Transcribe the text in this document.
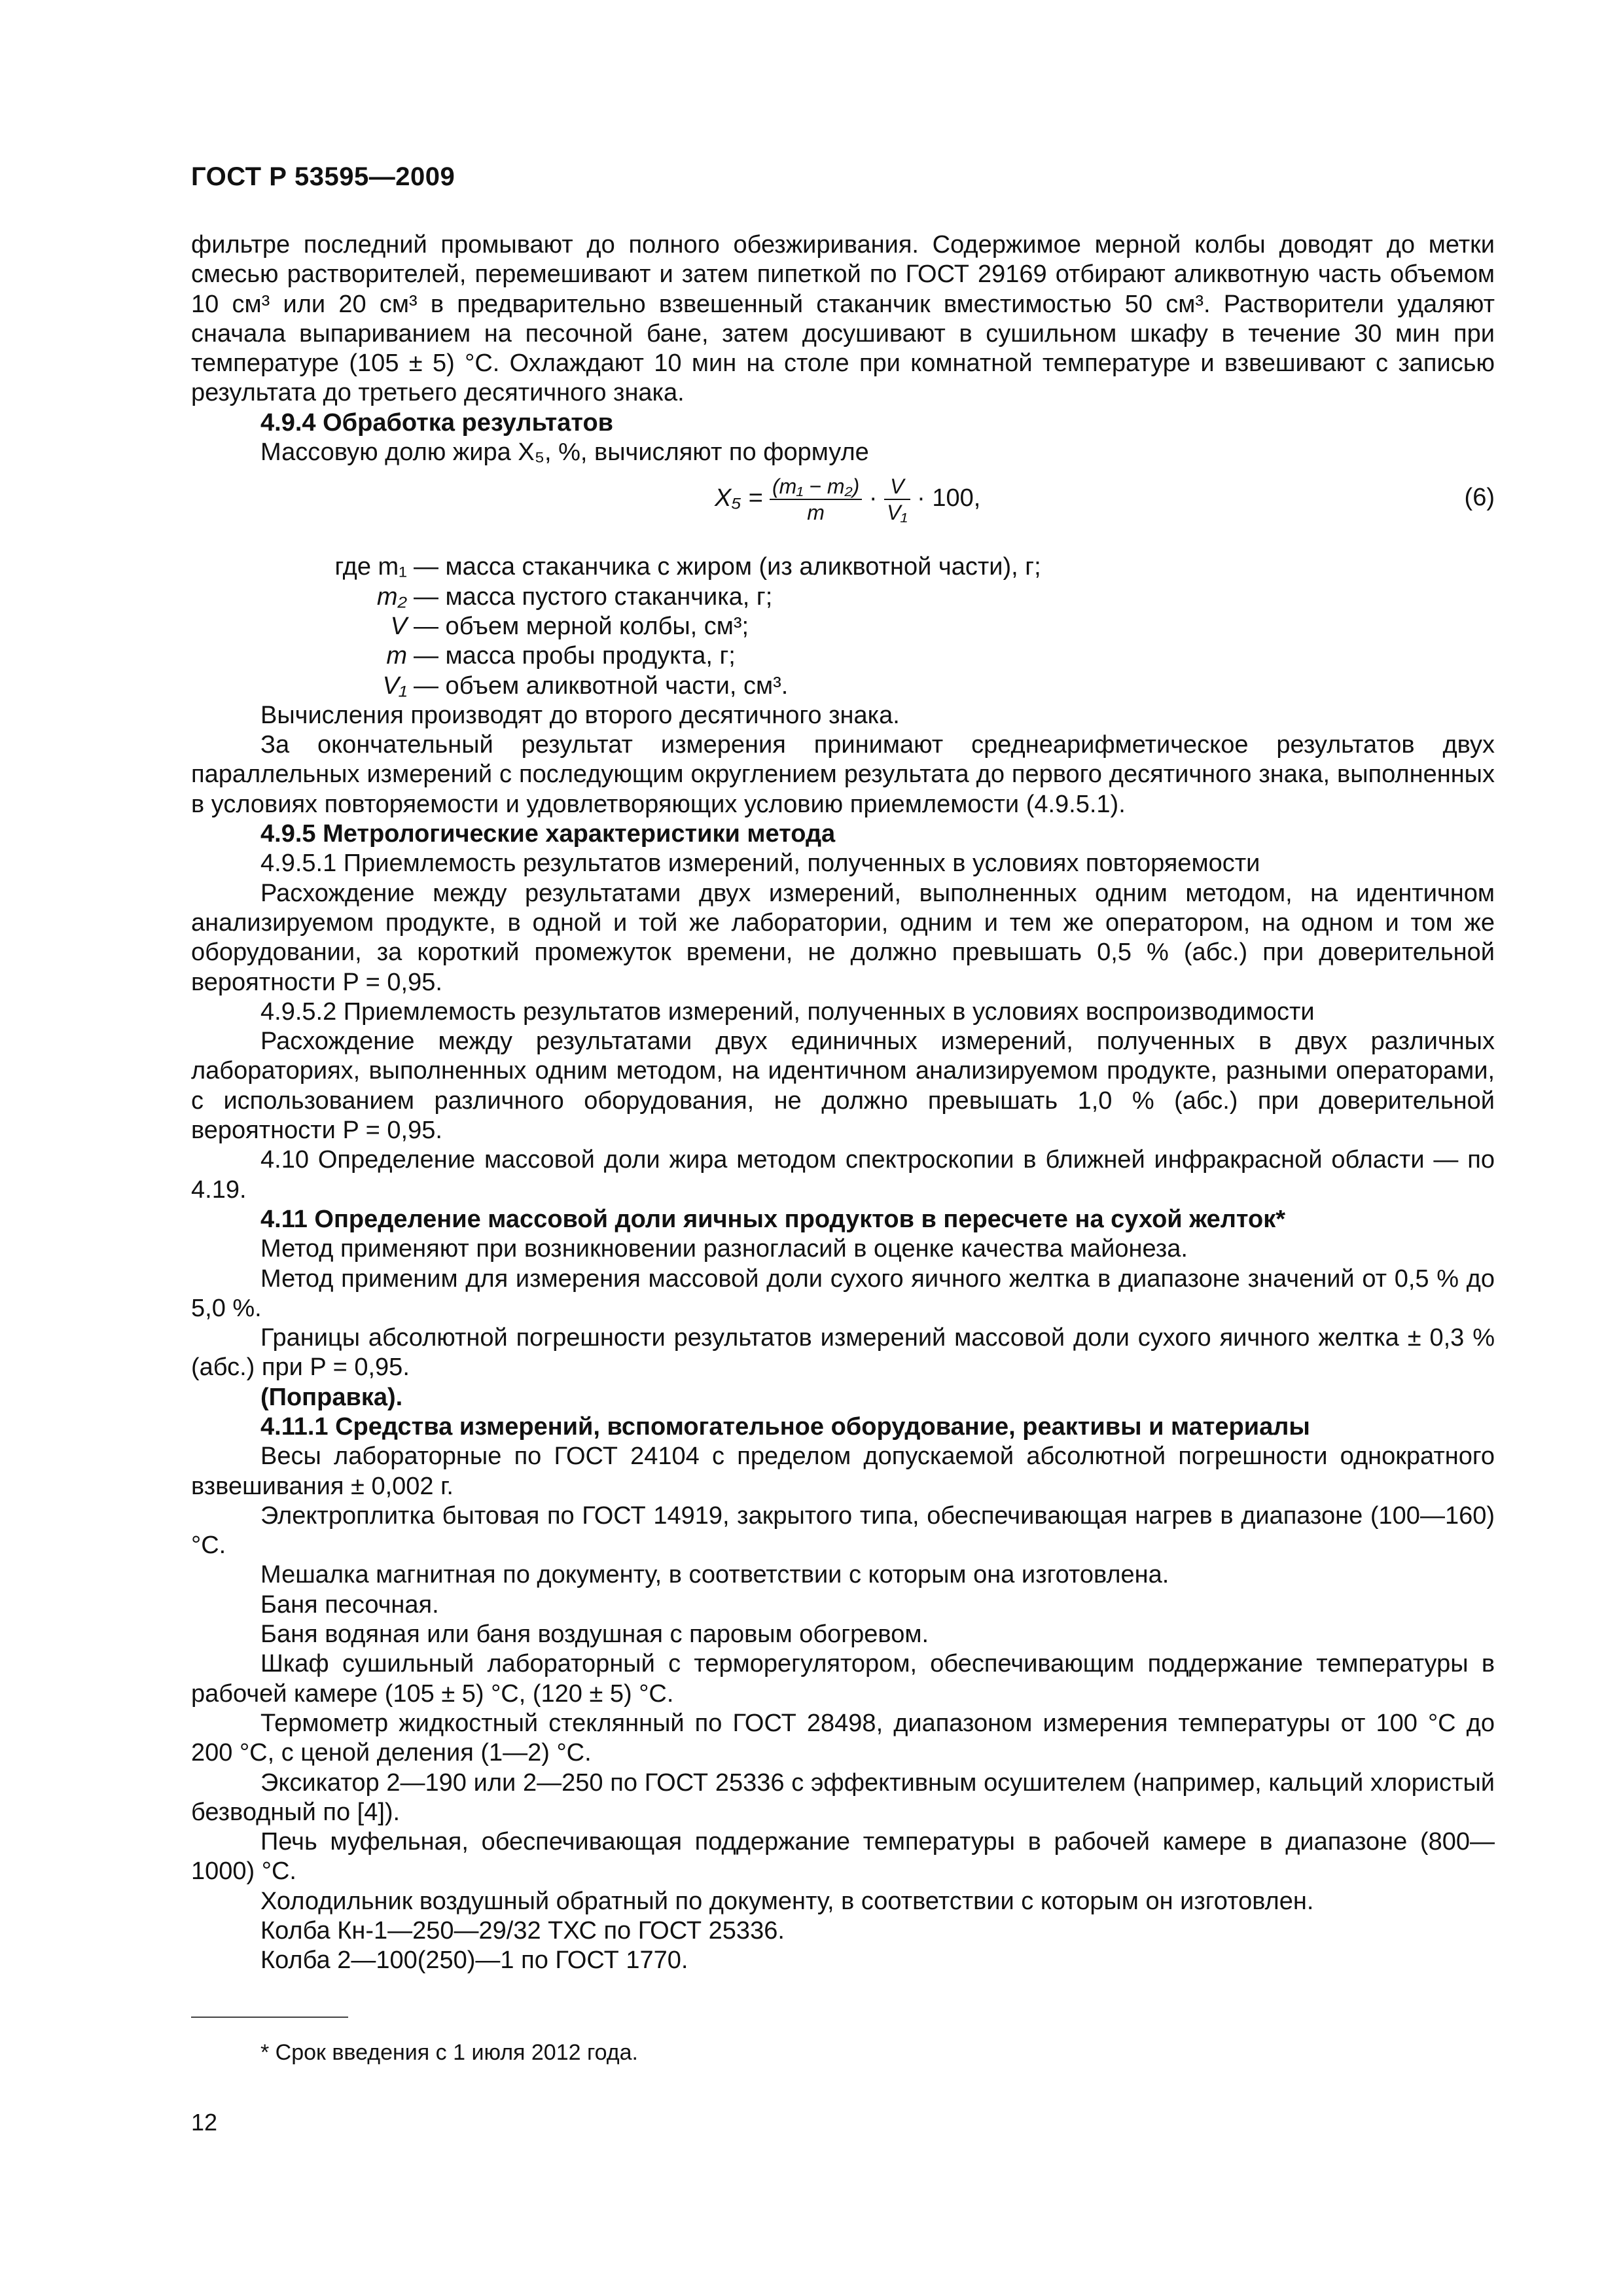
ГОСТ Р 53595—2009

фильтре последний промывают до полного обезжиривания. Содержимое мерной колбы доводят до метки смесью растворителей, перемешивают и затем пипеткой по ГОСТ 29169 отбирают аликвотную часть объемом 10 см³ или 20 см³ в предварительно взвешенный стаканчик вместимостью 50 см³. Растворители удаляют сначала выпариванием на песочной бане, затем досушивают в сушильном шкафу в течение 30 мин при температуре (105 ± 5) °С. Охлаждают 10 мин на столе при комнатной температуре и взвешивают с записью результата до третьего десятичного знака.

4.9.4 Обработка результатов

Массовую долю жира X₅, %, вычисляют по формуле

$X_5 = \frac{\text{(m₁ − m₂)}}{m} \cdot \frac{V}{\text{V₁}} \cdot 100$,	(6)
где m₁ — масса стаканчика с жиром (из аликвотной части), г;
m₂ — масса пустого стаканчика, г;
V — объем мерной колбы, см³;
m — масса пробы продукта, г;
V₁ — объем аликвотной части, см³.

Вычисления производят до второго десятичного знака.

За окончательный результат измерения принимают среднеарифметическое результатов двух параллельных измерений с последующим округлением результата до первого десятичного знака, выполненных в условиях повторяемости и удовлетворяющих условию приемлемости (4.9.5.1).

4.9.5 Метрологические характеристики метода

4.9.5.1 Приемлемость результатов измерений, полученных в условиях повторяемости

Расхождение между результатами двух измерений, выполненных одним методом, на идентичном анализируемом продукте, в одной и той же лаборатории, одним и тем же оператором, на одном и том же оборудовании, за короткий промежуток времени, не должно превышать 0,5 % (абс.) при доверительной вероятности P = 0,95.

4.9.5.2 Приемлемость результатов измерений, полученных в условиях воспроизводимости

Расхождение между результатами двух единичных измерений, полученных в двух различных лабораториях, выполненных одним методом, на идентичном анализируемом продукте, разными операторами, с использованием различного оборудования, не должно превышать 1,0 % (абс.) при доверительной вероятности P = 0,95.

4.10 Определение массовой доли жира методом спектроскопии в ближней инфракрасной области — по 4.19.

4.11 Определение массовой доли яичных продуктов в пересчете на сухой желток*

Метод применяют при возникновении разногласий в оценке качества майонеза.

Метод применим для измерения массовой доли сухого яичного желтка в диапазоне значений от 0,5 % до 5,0 %.

Границы абсолютной погрешности результатов измерений массовой доли сухого яичного желтка ± 0,3 % (абс.) при P = 0,95.

(Поправка).

4.11.1 Средства измерений, вспомогательное оборудование, реактивы и материалы

Весы лабораторные по ГОСТ 24104 с пределом допускаемой абсолютной погрешности однократного взвешивания ± 0,002 г.

Электроплитка бытовая по ГОСТ 14919, закрытого типа, обеспечивающая нагрев в диапазоне (100—160) °С.

Мешалка магнитная по документу, в соответствии с которым она изготовлена.

Баня песочная.

Баня водяная или баня воздушная с паровым обогревом.

Шкаф сушильный лабораторный с терморегулятором, обеспечивающим поддержание температуры в рабочей камере (105 ± 5) °С, (120 ± 5) °С.

Термометр жидкостный стеклянный по ГОСТ 28498, диапазоном измерения температуры от 100 °С до 200 °С, с ценой деления (1—2) °С.

Эксикатор 2—190 или 2—250 по ГОСТ 25336 с эффективным осушителем (например, кальций хлористый безводный по [4]).

Печь муфельная, обеспечивающая поддержание температуры в рабочей камере в диапазоне (800—1000) °С.

Холодильник воздушный обратный по документу, в соответствии с которым он изготовлен.

Колба Кн-1—250—29/32 ТХС по ГОСТ 25336.

Колба 2—100(250)—1 по ГОСТ 1770.

* Срок введения с 1 июля 2012 года.
12
